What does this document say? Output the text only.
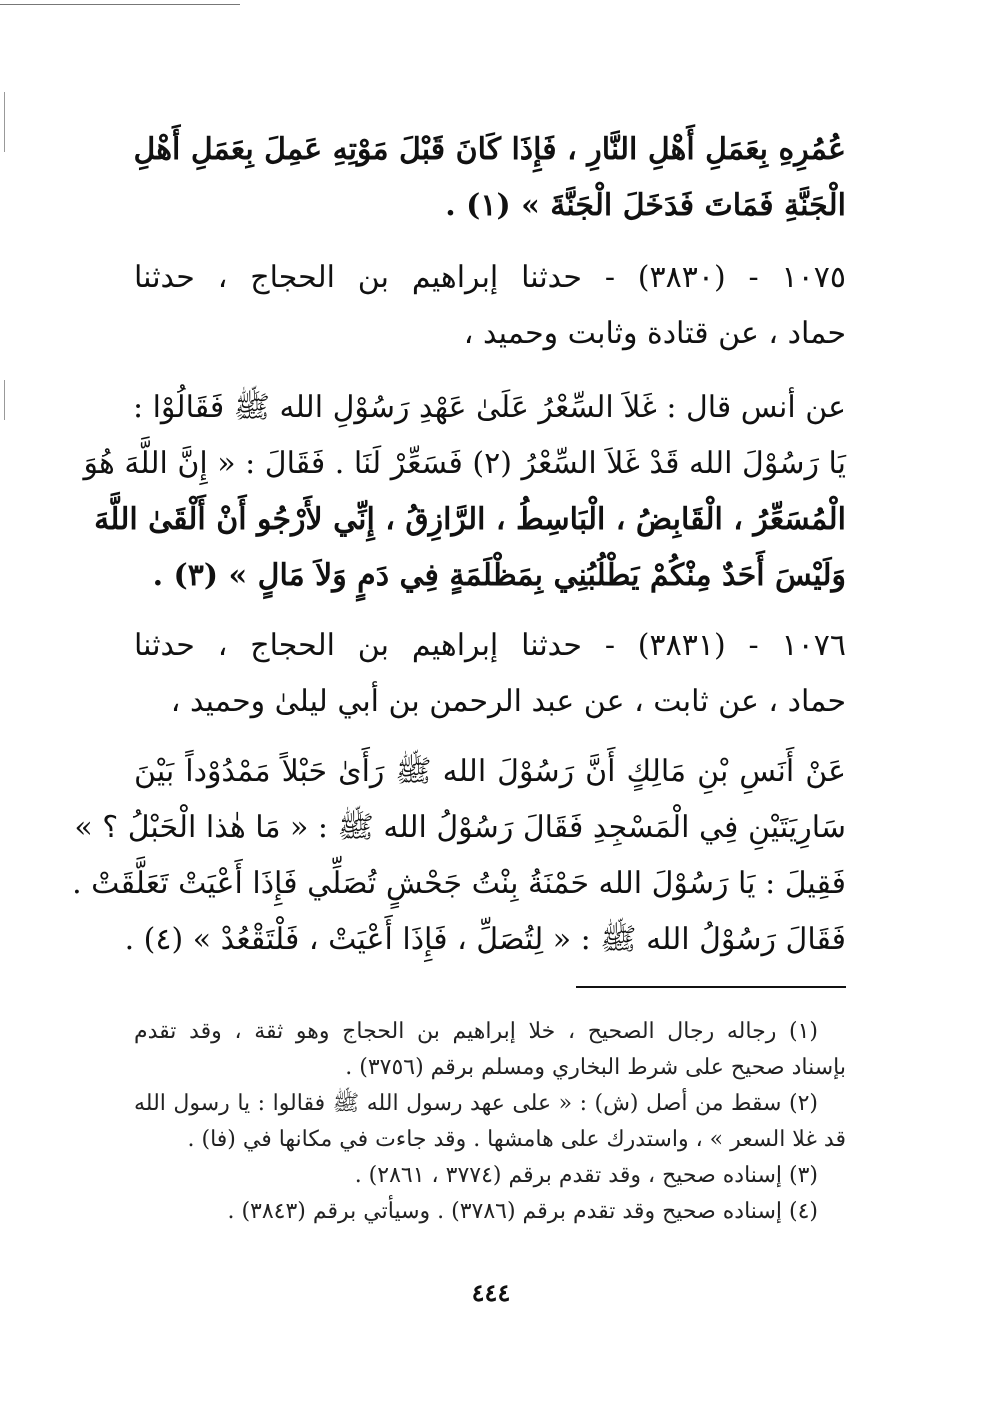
عُمُرِهِ بِعَمَلِ أَهْلِ النَّارِ ، فَإِذَا كَانَ قَبْلَ مَوْتِهِ عَمِلَ بِعَمَلِ أَهْلِ
الْجَنَّةِ فَمَاتَ فَدَخَلَ الْجَنَّةَ » (١) .
١٠٧٥ - (٣٨٣٠) - حدثنا إبراهيم بن الحجاج ، حدثنا
حماد ، عن قتادة وثابت وحميد ،
عن أنس قال : غَلاَ السِّعْرُ عَلَىٰ عَهْدِ رَسُوْلِ الله ﷺ فَقَالُوْا :
يَا رَسُوْلَ الله قَدْ غَلاَ السِّعْرُ (٢) فَسَعِّرْ لَنَا . فَقَالَ : « إِنَّ اللَّهَ هُوَ
الْمُسَعِّرُ ، الْقَابِضُ ، الْبَاسِطُ ، الرَّازِقُ ، إِنِّي لأَرْجُو أَنْ أَلْقَىٰ اللَّهَ
وَلَيْسَ أَحَدٌ مِنْكُمْ يَطْلُبُنِي بِمَظْلَمَةٍ فِي دَمٍ وَلاَ مَالٍ » (٣) .
١٠٧٦ - (٣٨٣١) - حدثنا إبراهيم بن الحجاج ، حدثنا
حماد ، عن ثابت ، عن عبد الرحمن بن أبي ليلىٰ وحميد ،
عَنْ أَنَسِ بْنِ مَالِكٍ أَنَّ رَسُوْلَ الله ﷺ رَأَىٰ حَبْلاً مَمْدُوْداً بَيْنَ
سَارِيَتَيْنِ فِي الْمَسْجِدِ فَقَالَ رَسُوْلُ الله ﷺ : « مَا هٰذا الْحَبْلُ ؟ »
فَقِيلَ : يَا رَسُوْلَ الله حَمْنَةُ بِنْتُ جَحْشٍ تُصَلِّي فَإِذَا أَعْيَتْ تَعَلَّقَتْ .
فَقَالَ رَسُوْلُ الله ﷺ : « لِتُصَلِّ ، فَإِذَا أَعْيَتْ ، فَلْتَقْعُدْ » (٤) .
(١) رجاله رجال الصحيح ، خلا إبراهيم بن الحجاج وهو ثقة ، وقد تقدم
بإسناد صحيح على شرط البخاري ومسلم برقم (٣٧٥٦) .
(٢) سقط من أصل (ش) : « على عهد رسول الله ﷺ فقالوا : يا رسول الله
قد غلا السعر » ، واستدرك على هامشها . وقد جاءت في مكانها في (فا) .
(٣) إسناده صحيح ، وقد تقدم برقم (٣٧٧٤ ، ٢٨٦١) .
(٤) إسناده صحيح وقد تقدم برقم (٣٧٨٦) . وسيأتي برقم (٣٨٤٣) .
٤٤٤
